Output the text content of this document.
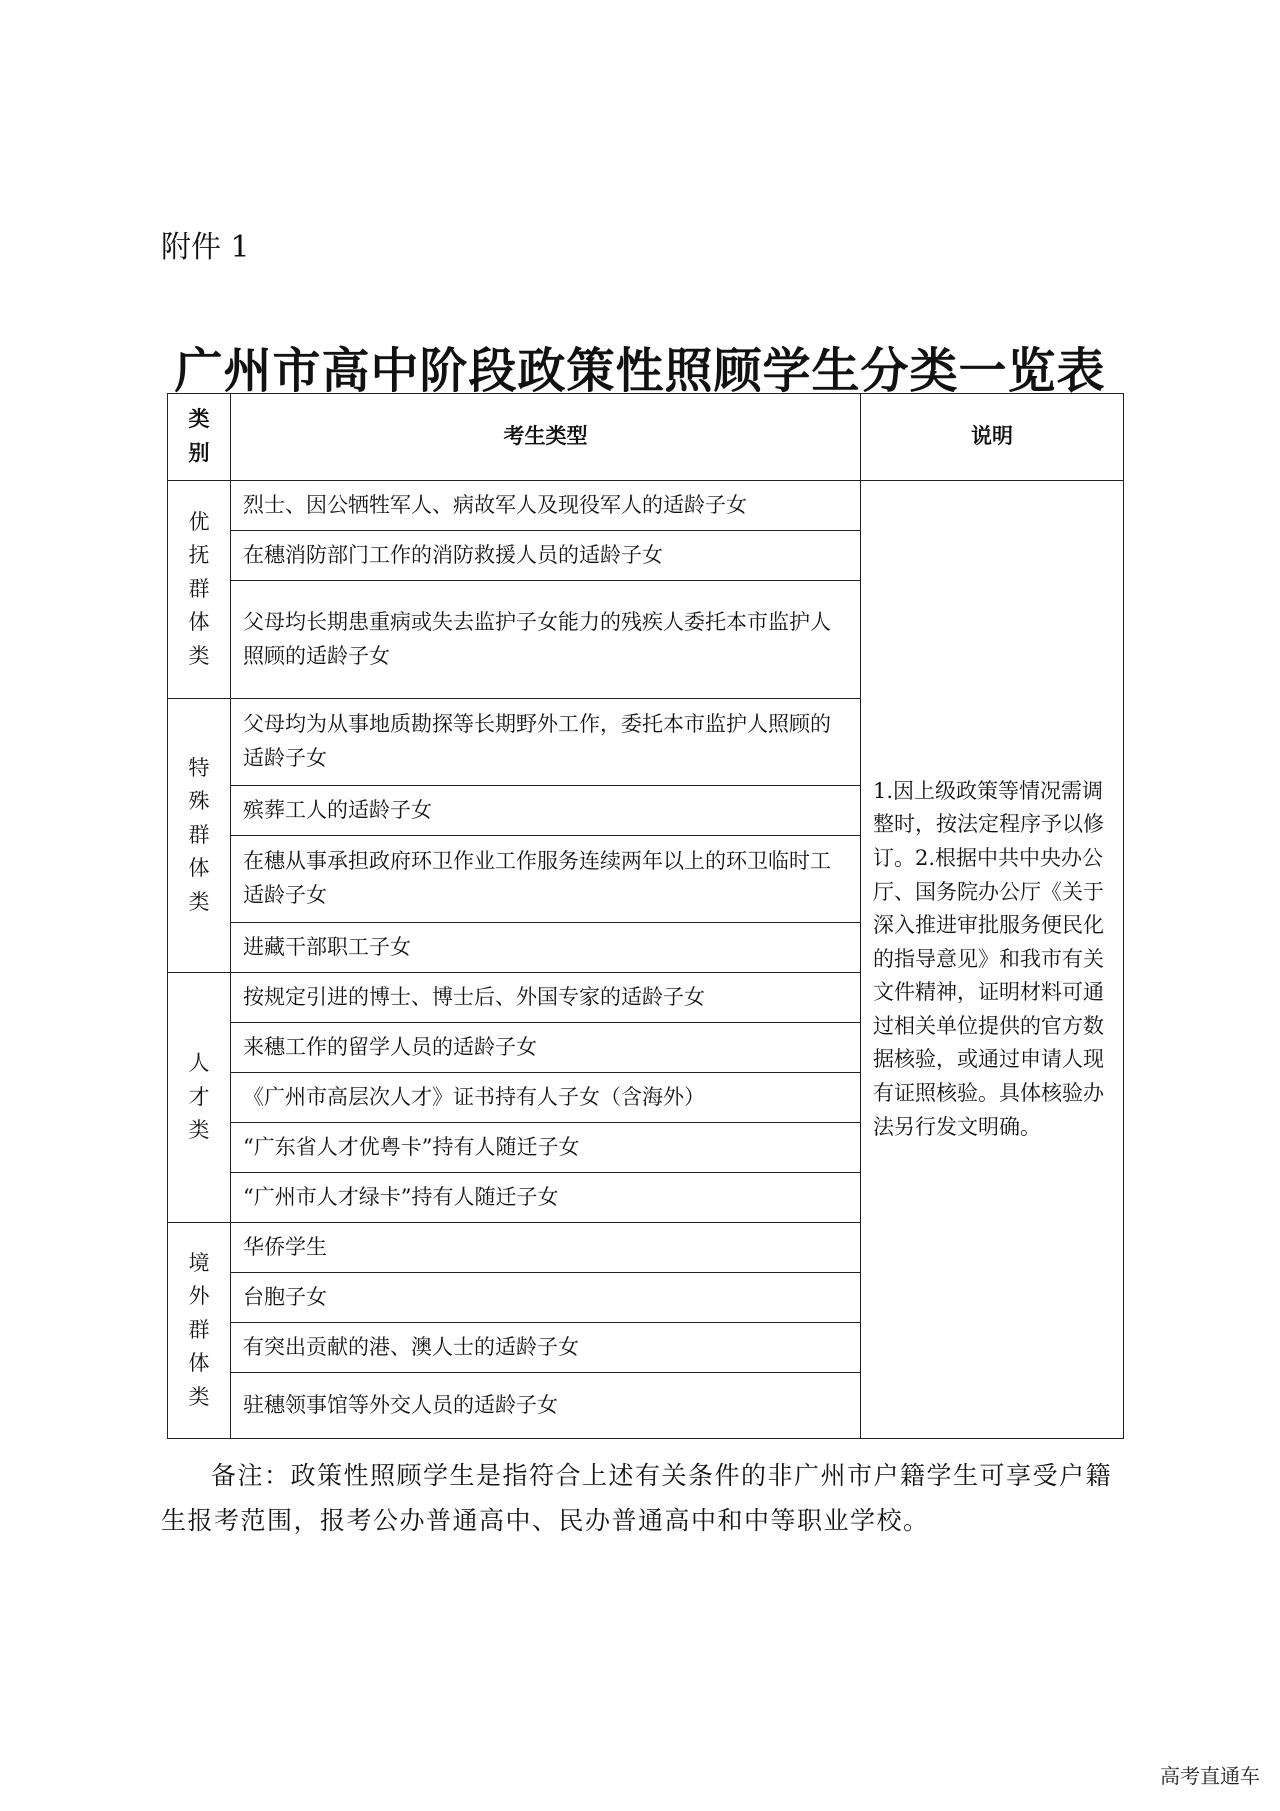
附件 1
广州市高中阶段政策性照顾学生分类一览表
类
别	考生类型	说明

优
抚
群
体
类	烈士、因公牺牲军人、病故军人及现役军人的适龄子女	1.因上级政策等情况需调整时，按法定程序予以修订。2.根据中共中央办公厅、国务院办公厅《关于深入推进审批服务便民化的指导意见》和我市有关文件精神，证明材料可通过相关单位提供的官方数据核验，或通过申请人现有证照核验。具体核验办法另行发文明确。
	在穗消防部门工作的消防救援人员的适龄子女	
	父母均长期患重病或失去监护子女能力的残疾人委托本市监护人照顾的适龄子女	

特
殊
群
体
类	父母均为从事地质勘探等长期野外工作，委托本市监护人照顾的适龄子女	
	殡葬工人的适龄子女	
	在穗从事承担政府环卫作业工作服务连续两年以上的环卫临时工适龄子女	
	进藏干部职工子女	

人
才
类	按规定引进的博士、博士后、外国专家的适龄子女	
	来穗工作的留学人员的适龄子女	
	《广州市高层次人才》证书持有人子女（含海外）	
	“广东省人才优粤卡”持有人随迁子女	
	“广州市人才绿卡”持有人随迁子女	

境
外
群
体
类	华侨学生	
	台胞子女	
	有突出贡献的港、澳人士的适龄子女	
	驻穗领事馆等外交人员的适龄子女	
备注：政策性照顾学生是指符合上述有关条件的非广州市户籍学生可享受户籍生报考范围，报考公办普通高中、民办普通高中和中等职业学校。
高考直通车
